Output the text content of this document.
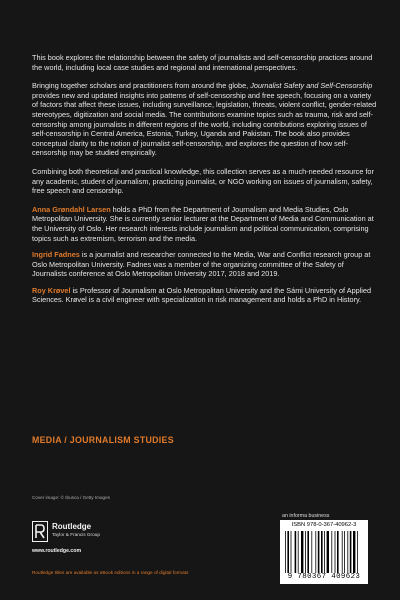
This book explores the relationship between the safety of journalists and self-censorship practices around the world, including local case studies and regional and international perspectives.

Bringing together scholars and practitioners from around the globe, Journalist Safety and Self-Censorship provides new and updated insights into patterns of self-censorship and free speech, focusing on a variety of factors that affect these issues, including surveillance, legislation, threats, violent conflict, gender-related stereotypes, digitization and social media. The contributions examine topics such as trauma, risk and self-censorship among journalists in different regions of the world, including contributions exploring issues of self-censorship in Central America, Estonia, Turkey, Uganda and Pakistan. The book also provides conceptual clarity to the notion of journalist self-censorship, and explores the question of how self-censorship may be studied empirically.

Combining both theoretical and practical knowledge, this collection serves as a much-needed resource for any academic, student of journalism, practicing journalist, or NGO working on issues of journalism, safety, free speech and censorship.

Anna Grøndahl Larsen holds a PhD from the Department of Journalism and Media Studies, Oslo Metropolitan University. She is currently senior lecturer at the Department of Media and Communication at the University of Oslo. Her research interests include journalism and political communication, comprising topics such as extremism, terrorism and the media.

Ingrid Fadnes is a journalist and researcher connected to the Media, War and Conflict research group at Oslo Metropolitan University. Fadnes was a member of the organizing committee of the Safety of Journalists conference at Oslo Metropolitan University 2017, 2018 and 2019.

Roy Krøvel is Professor of Journalism at Oslo Metropolitan University and the Sámi University of Applied Sciences. Krøvel is a civil engineer with specialization in risk management and holds a PhD in History.

MEDIA / JOURNALISM STUDIES
Cover image: © Ibusca / Getty Images
Routledge
Taylor & Francis Group
www.routledge.com
Routledge titles are available as eBook editions in a range of digital formats
an informa business
ISBN 978-0-367-40962-3
9 780367 409623
